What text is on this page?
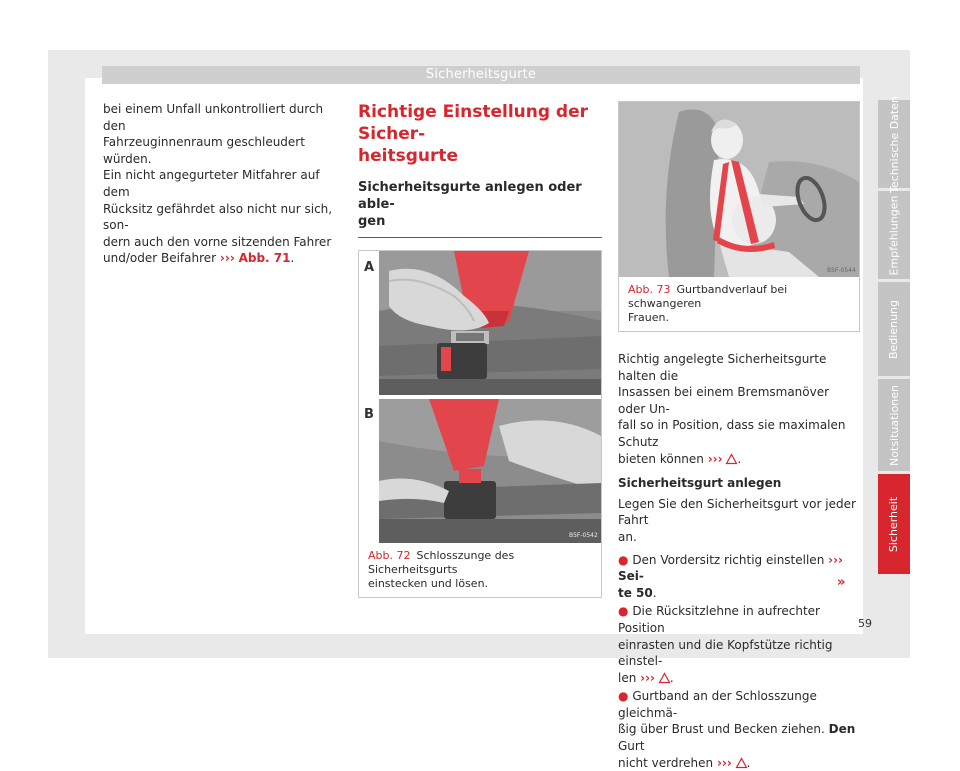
Sicherheitsgurte
bei einem Unfall unkontrolliert durch den
Fahrzeuginnenraum geschleudert würden.
Ein nicht angegurteter Mitfahrer auf dem
Rücksitz gefährdet also nicht nur sich, son-
dern auch den vorne sitzenden Fahrer
und/oder Beifahrer ››› Abb. 71.
Richtige Einstellung der Sicher-
heitsgurte
Sicherheitsgurte anlegen oder able-
gen
A
B
B5F-0542
Abb. 72 Schlosszunge des Sicherheitsgurts
einstecken und lösen.
B5F-0544
Abb. 73 Gurtbandverlauf bei schwangeren
Frauen.
Richtig angelegte Sicherheitsgurte halten die
Insassen bei einem Bremsmanöver oder Un-
fall so in Position, dass sie maximalen Schutz
bieten können ››› .
Sicherheitsgurt anlegen
Legen Sie den Sicherheitsgurt vor jeder Fahrt
an.
● Den Vordersitz richtig einstellen ››› Sei-
te 50.
● Die Rücksitzlehne in aufrechter Position
einrasten und die Kopfstütze richtig einstel-
len ››› .
● Gurtband an der Schlosszunge gleichmä-
ßig über Brust und Becken ziehen. Den Gurt
nicht verdrehen ››› .
»
Technische Daten
Empfehlungen
Bedienung
Notsituationen
Sicherheit
59
